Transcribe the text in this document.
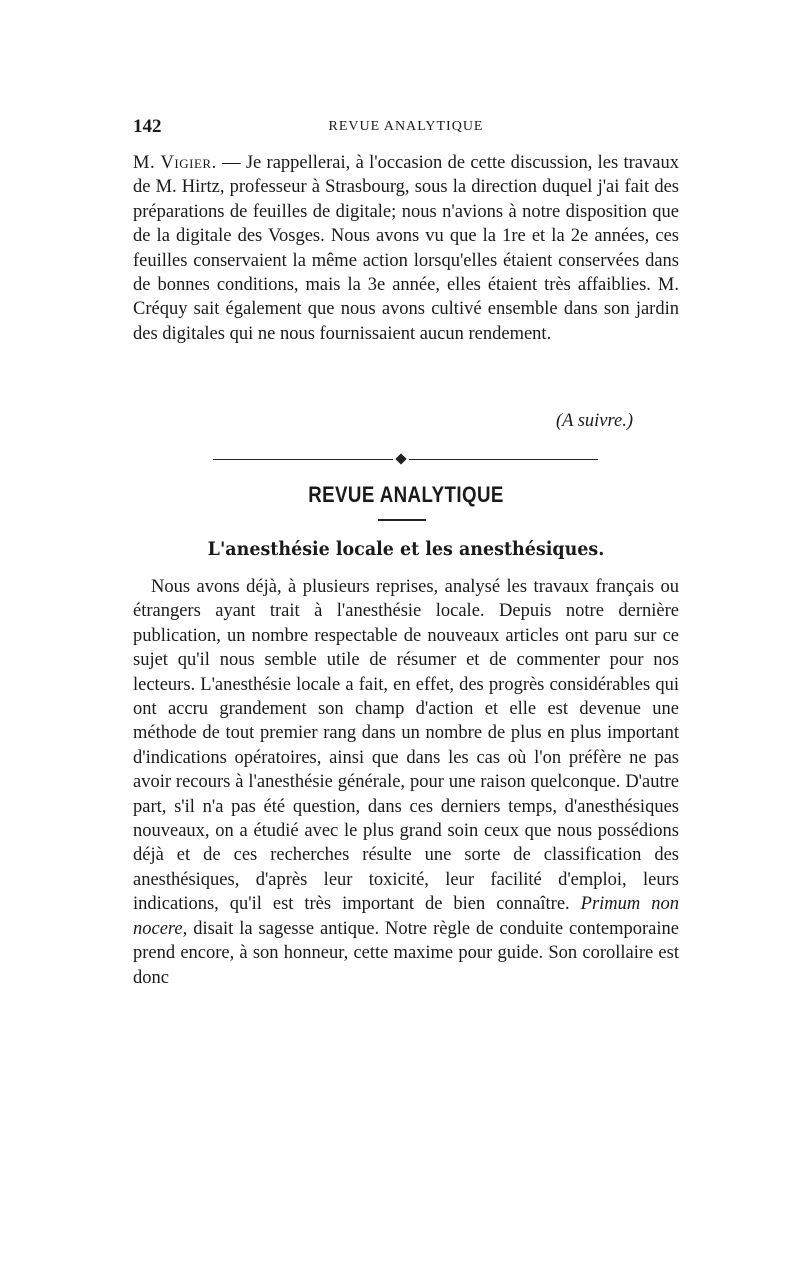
142	REVUE ANALYTIQUE
M. Vigier. — Je rappellerai, à l'occasion de cette discussion, les travaux de M. Hirtz, professeur à Strasbourg, sous la direction duquel j'ai fait des préparations de feuilles de digitale; nous n'avions à notre disposition que de la digitale des Vosges. Nous avons vu que la 1re et la 2e années, ces feuilles conservaient la même action lorsqu'elles étaient conservées dans de bonnes conditions, mais la 3e année, elles étaient très affaiblies. M. Créquy sait également que nous avons cultivé ensemble dans son jardin des digitales qui ne nous fournissaient aucun rendement.
(A suivre.)
REVUE ANALYTIQUE
L'anesthésie locale et les anesthésiques.
Nous avons déjà, à plusieurs reprises, analysé les travaux français ou étrangers ayant trait à l'anesthésie locale. Depuis notre dernière publication, un nombre respectable de nouveaux articles ont paru sur ce sujet qu'il nous semble utile de résumer et de commenter pour nos lecteurs. L'anesthésie locale a fait, en effet, des progrès considérables qui ont accru grandement son champ d'action et elle est devenue une méthode de tout premier rang dans un nombre de plus en plus important d'indications opératoires, ainsi que dans les cas où l'on préfère ne pas avoir recours à l'anesthésie générale, pour une raison quelconque. D'autre part, s'il n'a pas été question, dans ces derniers temps, d'anesthésiques nouveaux, on a étudié avec le plus grand soin ceux que nous possédions déjà et de ces recherches résulte une sorte de classification des anesthésiques, d'après leur toxicité, leur facilité d'emploi, leurs indications, qu'il est très important de bien connaître. Primum non nocere, disait la sagesse antique. Notre règle de conduite contemporaine prend encore, à son honneur, cette maxime pour guide. Son corollaire est donc
